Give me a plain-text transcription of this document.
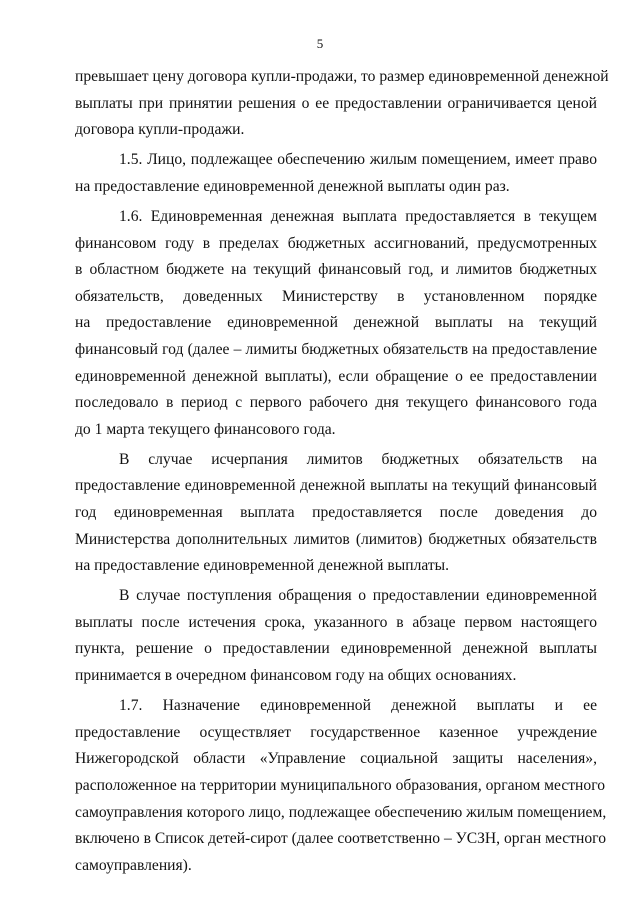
5
превышает цену договора купли-продажи, то размер единовременной денежной
выплаты при принятии решения о ее предоставлении ограничивается ценой
договора купли-продажи.
1.5. Лицо, подлежащее обеспечению жилым помещением, имеет право
на предоставление единовременной денежной выплаты один раз.
1.6. Единовременная денежная выплата предоставляется в текущем
финансовом году в пределах бюджетных ассигнований, предусмотренных
в областном бюджете на текущий финансовый год, и лимитов бюджетных
обязательств, доведенных Министерству в установленном порядке
на предоставление единовременной денежной выплаты на текущий
финансовый год (далее – лимиты бюджетных обязательств на предоставление
единовременной денежной выплаты), если обращение о ее предоставлении
последовало в период с первого рабочего дня текущего финансового года
до 1 марта текущего финансового года.
В случае исчерпания лимитов бюджетных обязательств на
предоставление единовременной денежной выплаты на текущий финансовый
год единовременная выплата предоставляется после доведения до
Министерства дополнительных лимитов (лимитов) бюджетных обязательств
на предоставление единовременной денежной выплаты.
В случае поступления обращения о предоставлении единовременной
выплаты после истечения срока, указанного в абзаце первом настоящего
пункта, решение о предоставлении единовременной денежной выплаты
принимается в очередном финансовом году на общих основаниях.
1.7. Назначение единовременной денежной выплаты и ее
предоставление осуществляет государственное казенное учреждение
Нижегородской области «Управление социальной защиты населения»,
расположенное на территории муниципального образования, органом местного
самоуправления которого лицо, подлежащее обеспечению жилым помещением,
включено в Список детей-сирот (далее соответственно – УСЗН, орган местного
самоуправления).
